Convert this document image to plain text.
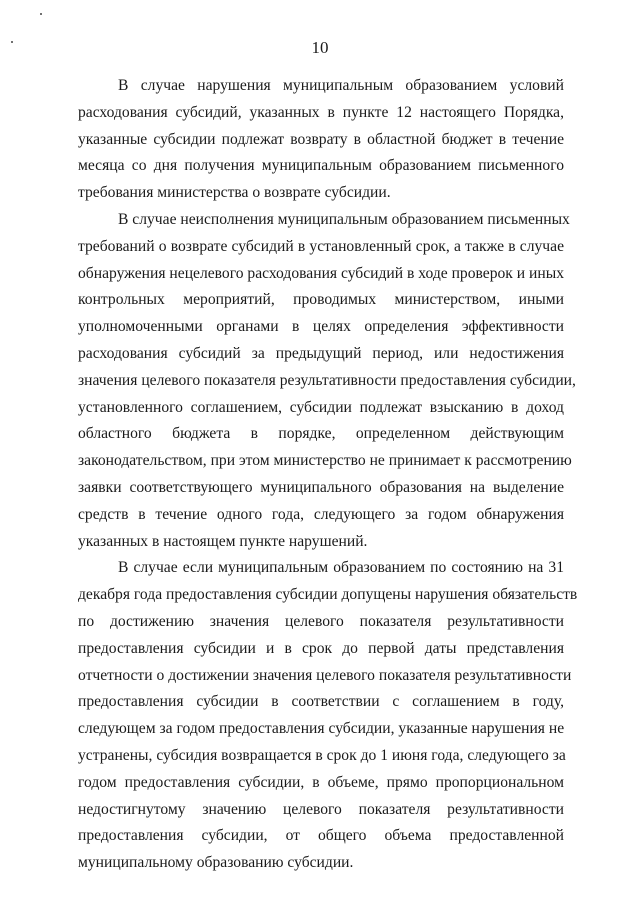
10
В случае нарушения муниципальным образованием условий
расходования субсидий, указанных в пункте 12 настоящего Порядка,
указанные субсидии подлежат возврату в областной бюджет в течение
месяца со дня получения муниципальным образованием письменного
требования министерства о возврате субсидии.
В случае неисполнения муниципальным образованием письменных
требований о возврате субсидий в установленный срок, а также в случае
обнаружения нецелевого расходования субсидий в ходе проверок и иных
контрольных мероприятий, проводимых министерством, иными
уполномоченными органами в целях определения эффективности
расходования субсидий за предыдущий период, или недостижения
значения целевого показателя результативности предоставления субсидии,
установленного соглашением, субсидии подлежат взысканию в доход
областного бюджета в порядке, определенном действующим
законодательством, при этом министерство не принимает к рассмотрению
заявки соответствующего муниципального образования на выделение
средств в течение одного года, следующего за годом обнаружения
указанных в настоящем пункте нарушений.
В случае если муниципальным образованием по состоянию на 31
декабря года предоставления субсидии допущены нарушения обязательств
по достижению значения целевого показателя результативности
предоставления субсидии и в срок до первой даты представления
отчетности о достижении значения целевого показателя результативности
предоставления субсидии в соответствии с соглашением в году,
следующем за годом предоставления субсидии, указанные нарушения не
устранены, субсидия возвращается в срок до 1 июня года, следующего за
годом предоставления субсидии, в объеме, прямо пропорциональном
недостигнутому значению целевого показателя результативности
предоставления субсидии, от общего объема предоставленной
муниципальному образованию субсидии.
